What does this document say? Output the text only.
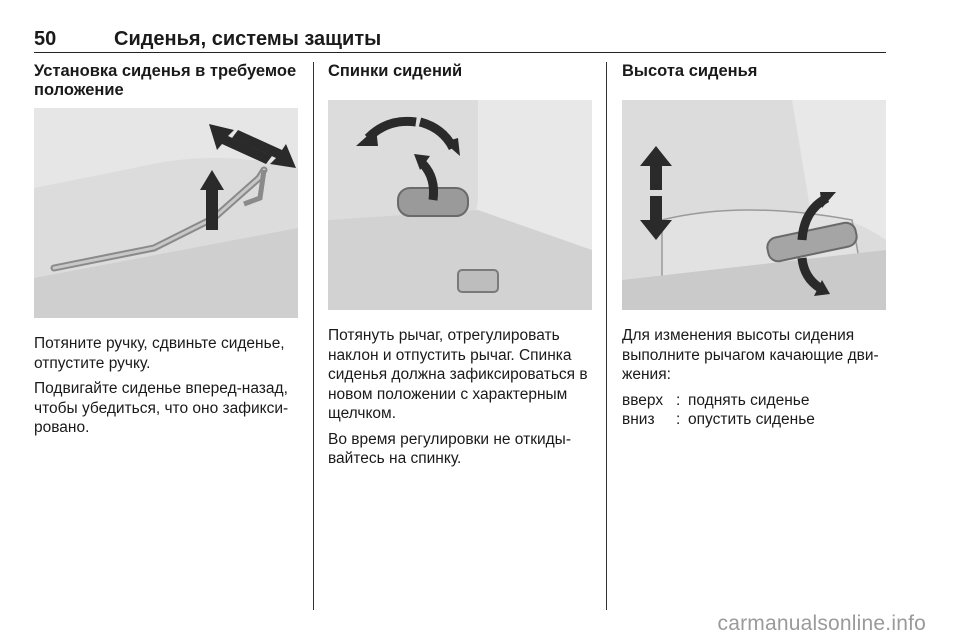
50	Сиденья, системы защиты
Установка сиденья в требуемое положение

Потяните ручку, сдвиньте сиденье, отпустите ручку.

Подвигайте сиденье вперед-назад, чтобы убедиться, что оно зафикси-ровано.

Спинки сидений

Потянуть рычаг, отрегулировать наклон и отпустить рычаг. Спинка сиденья должна зафиксироваться в новом положении с характерным щелчком.

Во время регулировки не откиды-вайтесь на спинку.

Высота сиденья

Для изменения высоты сидения выполните рычагом качающие дви-жения:

вверх : поднять сиденье
вниз	: опустить сиденье
carmanualsonline.info
